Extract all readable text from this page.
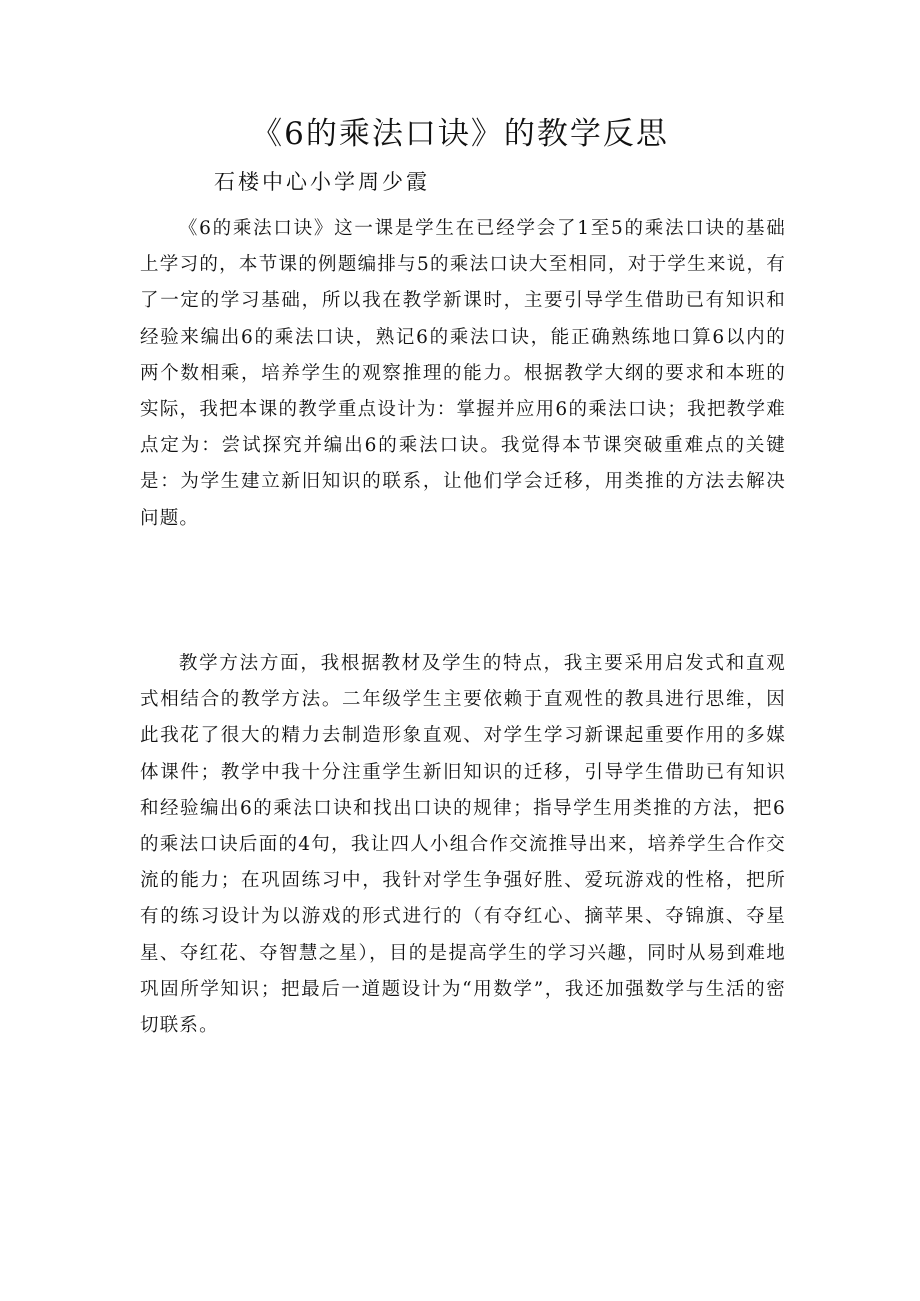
《6的乘法口诀》的教学反思
石楼中心小学周少霞

《6的乘法口诀》这一课是学生在已经学会了1至5的乘法口诀的基础上学习的，本节课的例题编排与5的乘法口诀大至相同，对于学生来说，有了一定的学习基础，所以我在教学新课时，主要引导学生借助已有知识和经验来编出6的乘法口诀，熟记6的乘法口诀，能正确熟练地口算6以内的两个数相乘，培养学生的观察推理的能力。根据教学大纲的要求和本班的实际，我把本课的教学重点设计为：掌握并应用6的乘法口诀；我把教学难点定为：尝试探究并编出6的乘法口诀。我觉得本节课突破重难点的关键是：为学生建立新旧知识的联系，让他们学会迁移，用类推的方法去解决问题。

教学方法方面，我根据教材及学生的特点，我主要采用启发式和直观式相结合的教学方法。二年级学生主要依赖于直观性的教具进行思维，因此我花了很大的精力去制造形象直观、对学生学习新课起重要作用的多媒体课件；教学中我十分注重学生新旧知识的迁移，引导学生借助已有知识和经验编出6的乘法口诀和找出口诀的规律；指导学生用类推的方法，把6的乘法口诀后面的4句，我让四人小组合作交流推导出来，培养学生合作交流的能力；在巩固练习中，我针对学生争强好胜、爱玩游戏的性格，把所有的练习设计为以游戏的形式进行的（有夺红心、摘苹果、夺锦旗、夺星星、夺红花、夺智慧之星），目的是提高学生的学习兴趣，同时从易到难地巩固所学知识；把最后一道题设计为“用数学”，我还加强数学与生活的密切联系。
